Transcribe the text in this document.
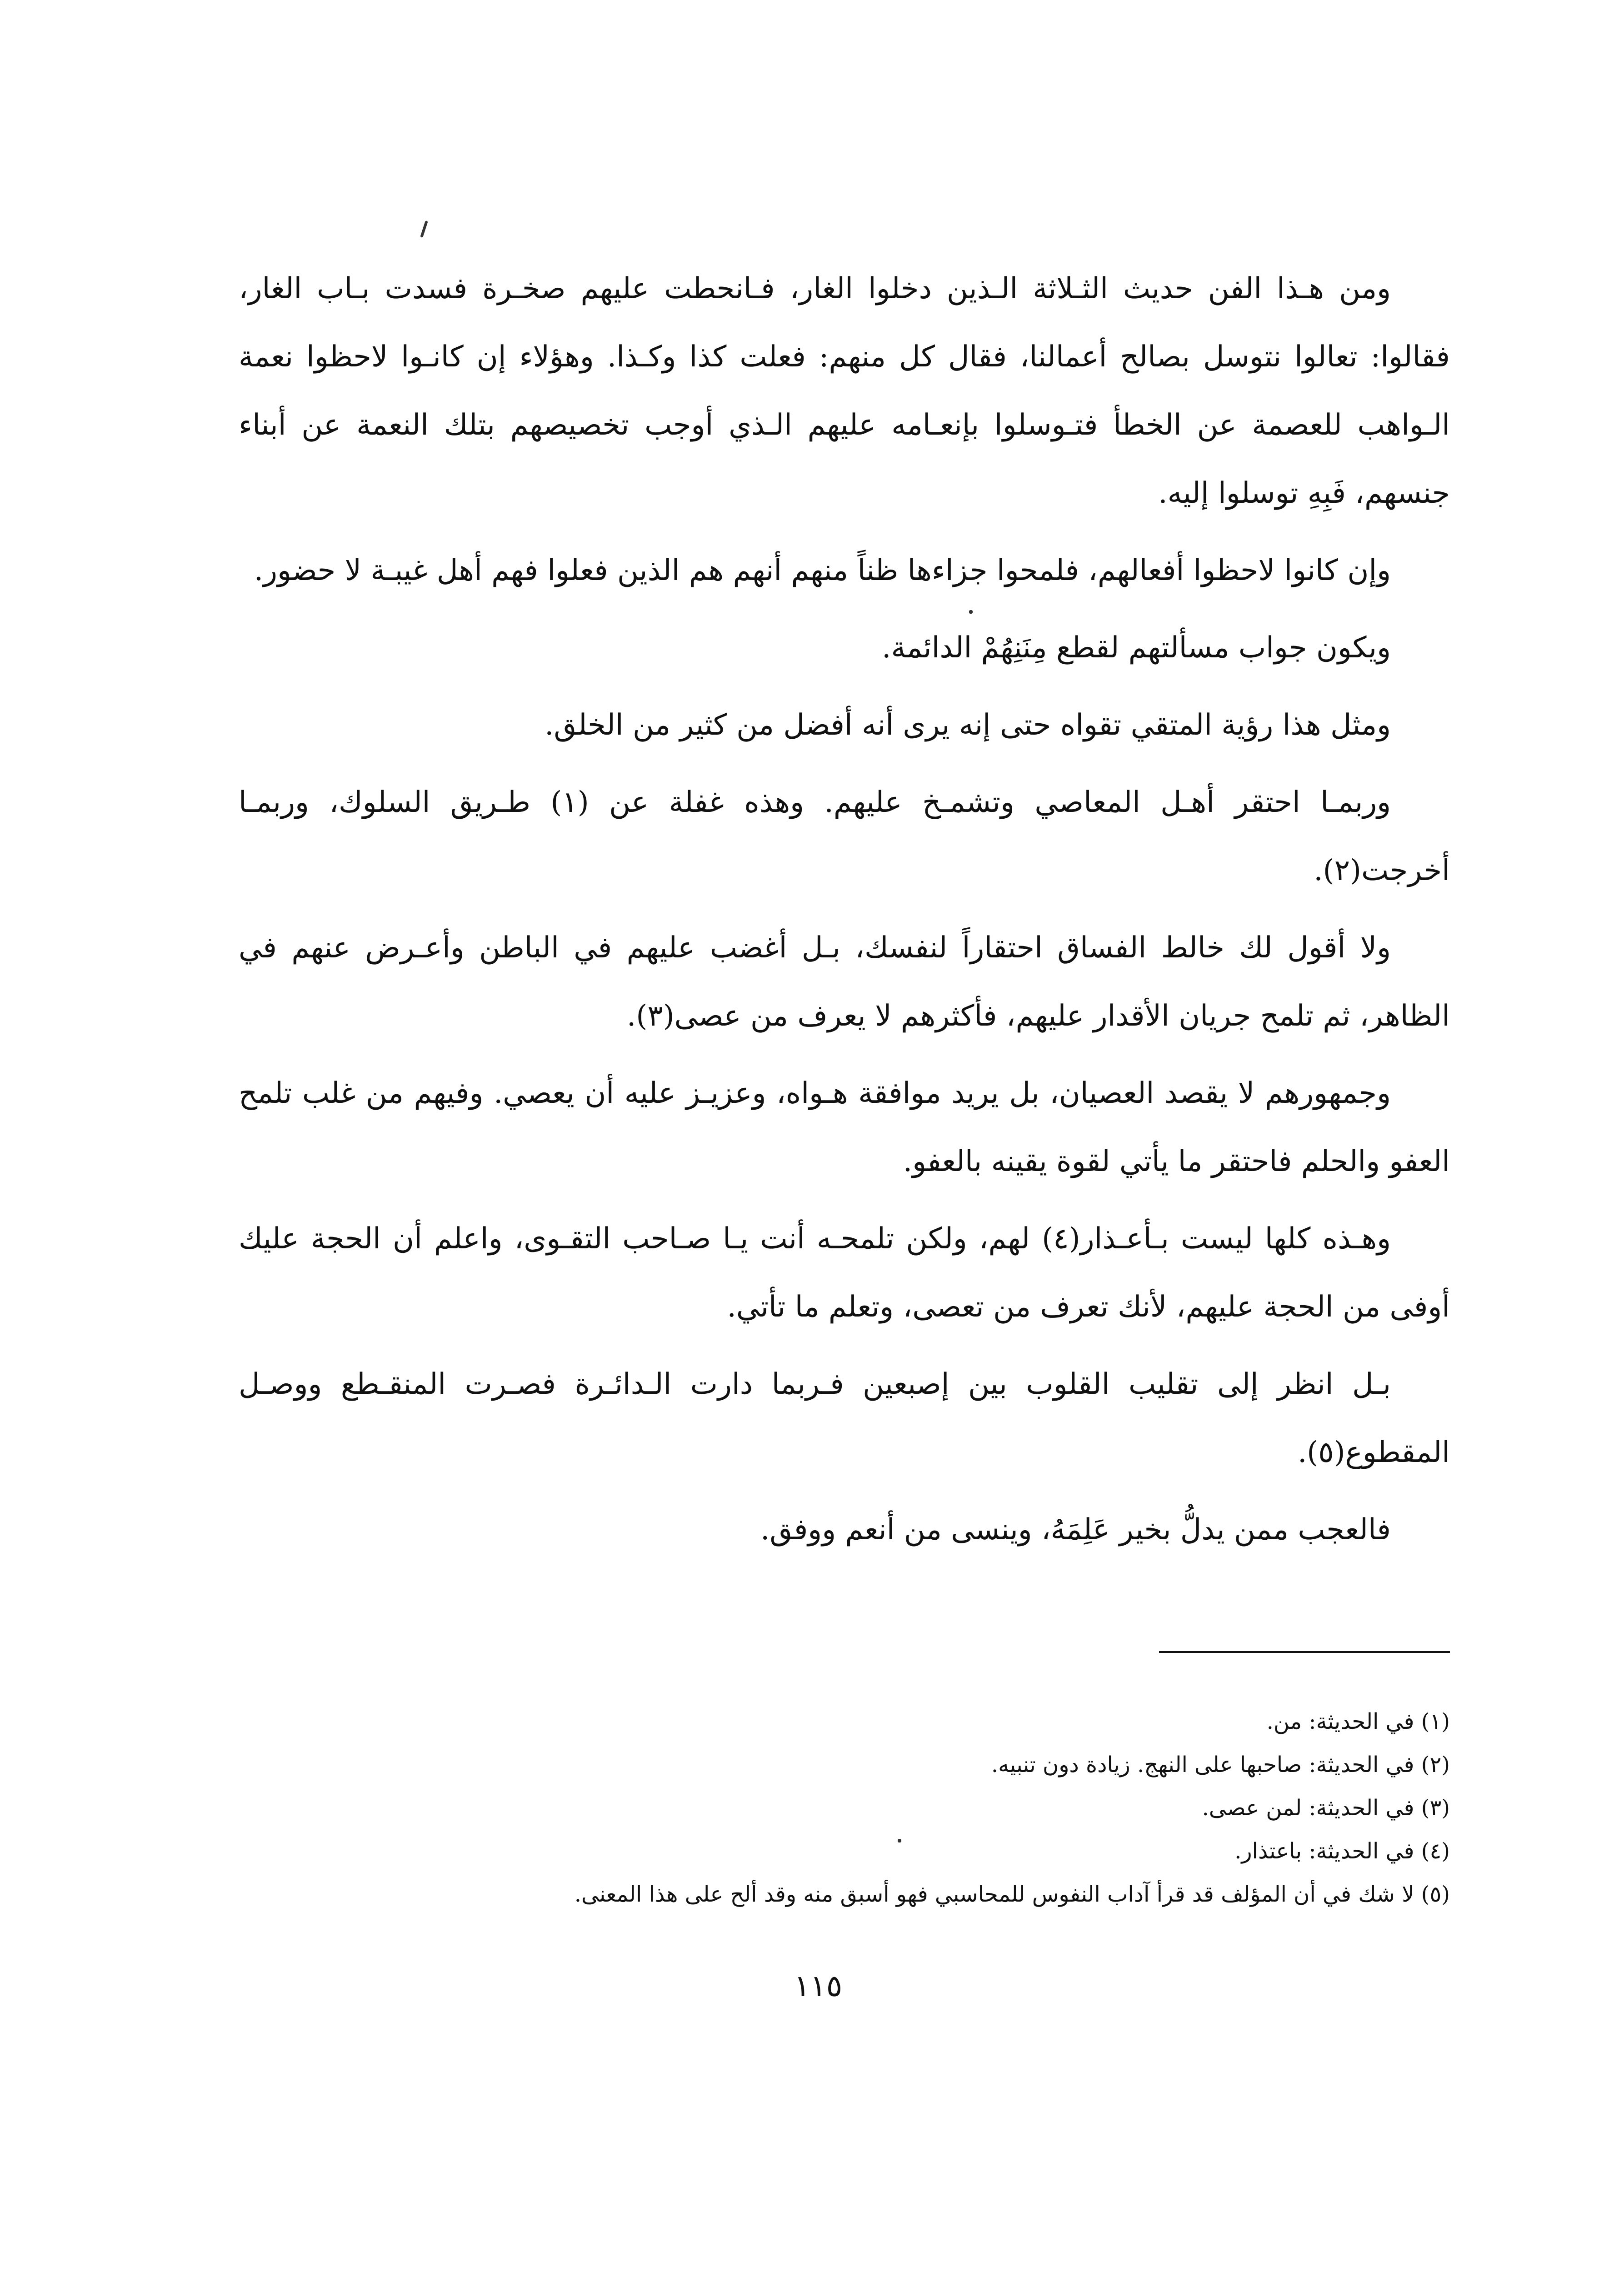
ومن هـذا الفن حديث الثـلاثة الـذين دخلوا الغار، فـانحطت عليهم صخـرة فسدت بـاب الغار، فقالوا: تعالوا نتوسل بصالح أعمالنا، فقال كل منهم: فعلت كذا وكـذا. وهؤلاء إن كانـوا لاحظوا نعمة الـواهب للعصمة عن الخطأ فتـوسلوا بإنعـامه عليهم الـذي أوجب تخصيصهم بتلك النعمة عن أبناء جنسهم، فَبِهِ توسلوا إليه.

وإن كانوا لاحظوا أفعالهم، فلمحوا جزاءها ظناً منهم أنهم هم الذين فعلوا فهم أهل غيبـة لا حضور.

ويكون جواب مسألتهم لقطع مِنَنِهُمْ الدائمة.

ومثل هذا رؤية المتقي تقواه حتى إنه يرى أنه أفضل من كثير من الخلق.

وربمـا احتقر أهـل المعاصي وتشمـخ عليهم. وهذه غفلة عن (١) طـريق السلوك، وربمـا أخرجت(٢).

ولا أقول لك خالط الفساق احتقاراً لنفسك، بـل أغضب عليهم في الباطن وأعـرض عنهم في الظاهر، ثم تلمح جريان الأقدار عليهم، فأكثرهم لا يعرف من عصى(٣).

وجمهورهم لا يقصد العصيان، بل يريد موافقة هـواه، وعزيـز عليه أن يعصي. وفيهم من غلب تلمح العفو والحلم فاحتقر ما يأتي لقوة يقينه بالعفو.

وهـذه كلها ليست بـأعـذار(٤) لهم، ولكن تلمحـه أنت يـا صـاحب التقـوى، واعلم أن الحجة عليك أوفى من الحجة عليهم، لأنك تعرف من تعصى، وتعلم ما تأتي.

بـل انظر إلى تقليب القلوب بين إصبعين فـربما دارت الـدائـرة فصـرت المنقـطع ووصـل المقطوع(٥).

فالعجب ممن يدلُّ بخير عَلِمَهُ، وينسى من أنعم ووفق.

(١) في الحديثة: من.

(٢) في الحديثة: صاحبها على النهج. زيادة دون تنبيه.

(٣) في الحديثة: لمن عصى.

(٤) في الحديثة: باعتذار.

(٥) لا شك في أن المؤلف قد قرأ آداب النفوس للمحاسبي فهو أسبق منه وقد ألح على هذا المعنى.

١١٥
